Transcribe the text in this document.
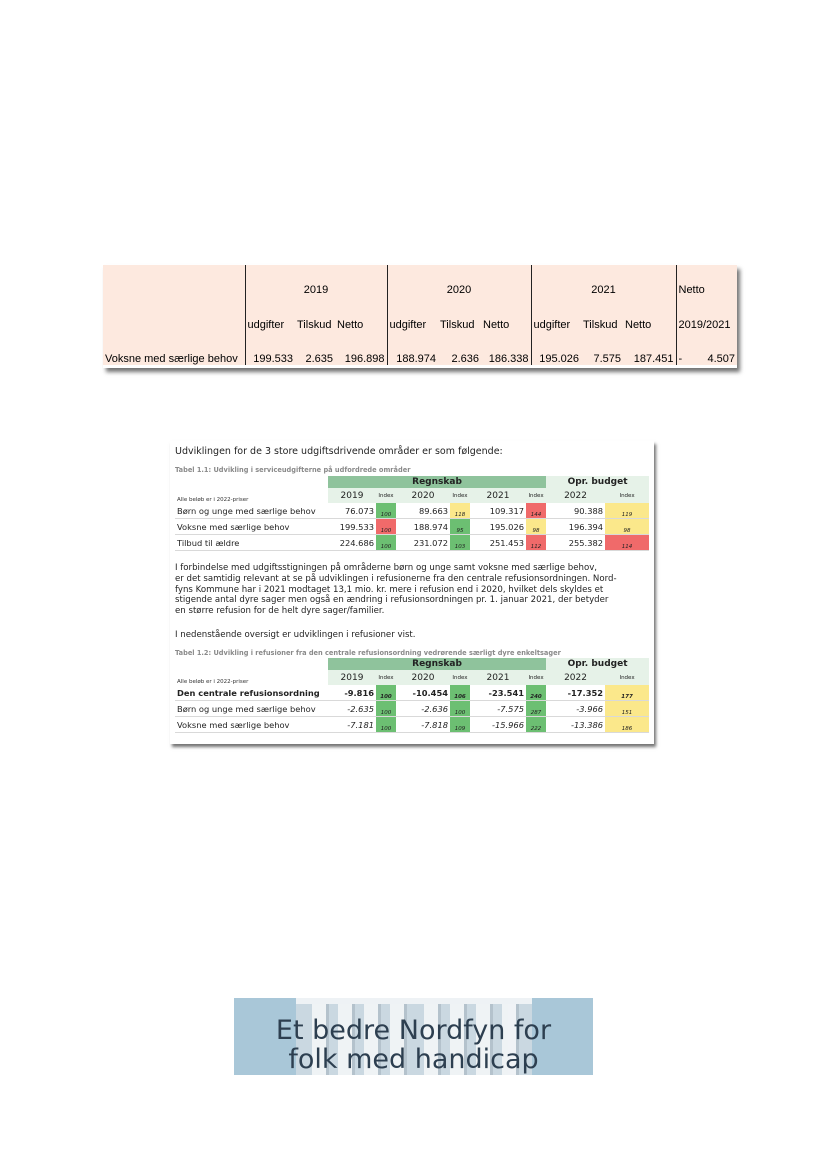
	2019			2020			2021			Netto
	udgifter	Tilskud	Netto	udgifter	Tilskud	Netto	udgifter	Tilskud	Netto	2019/2021

Voksne med særlige behov	199.533	2.635	196.898	188.974	2.636	186.338	195.026	7.575	187.451	- 4.507
Udviklingen for de 3 store udgiftsdrivende områder er som følgende:
Tabel 1.1: Udvikling i serviceudgifterne på udfordrede områder
	Regnskab						Opr. budget	
Alle beløb er i 2022-priser	2019	Index	2020	Index	2021	Index	2022	Index
Børn og unge med særlige behov	76.073	100	89.663	118	109.317	144	90.388	119
Voksne med særlige behov	199.533	100	188.974	95	195.026	98	196.394	98
Tilbud til ældre	224.686	100	231.072	103	251.453	112	255.382	114

I forbindelse med udgiftsstigningen på områderne børn og unge samt voksne med særlige behov,
er det samtidig relevant at se på udviklingen i refusionerne fra den centrale refusionsordningen. Nord-
fyns Kommune har i 2021 modtaget 13,1 mio. kr. mere i refusion end i 2020, hvilket dels skyldes et
stigende antal dyre sager men også en ændring i refusionsordningen pr. 1. januar 2021, der betyder
en større refusion for de helt dyre sager/familier.

I nedenstående oversigt er udviklingen i refusioner vist.

Tabel 1.2: Udvikling i refusioner fra den centrale refusionsordning vedrørende særligt dyre enkeltsager
	Regnskab						Opr. budget	
Alle beløb er i 2022-priser	2019	Index	2020	Index	2021	Index	2022	Index
Den centrale refusionsordning	-9.816	100	-10.454	106	-23.541	240	-17.352	177
Børn og unge med særlige behov	-2.635	100	-2.636	100	-7.575	287	-3.966	151
Voksne med særlige behov	-7.181	100	-7.818	109	-15.966	222	-13.386	186
Et bedre Nordfyn for
folk med handicap
